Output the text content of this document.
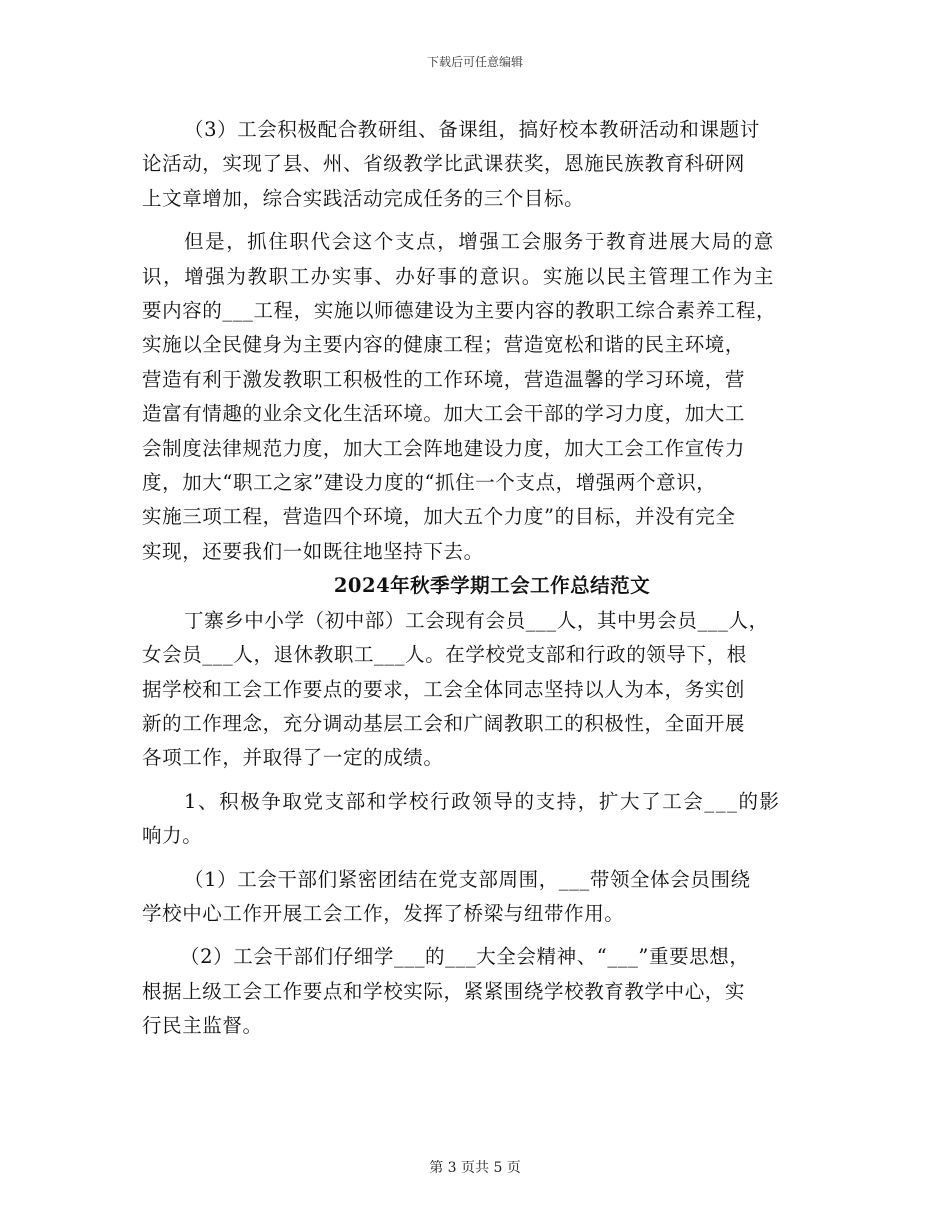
下载后可任意编辑
（3）工会积极配合教研组、备课组，搞好校本教研活动和课题讨
论活动，实现了县、州、省级教学比武课获奖，恩施民族教育科研网
上文章增加，综合实践活动完成任务的三个目标。
但是，抓住职代会这个支点，增强工会服务于教育进展大局的意
识，增强为教职工办实事、办好事的意识。实施以民主管理工作为主
要内容的___工程，实施以师德建设为主要内容的教职工综合素养工程，
实施以全民健身为主要内容的健康工程；营造宽松和谐的民主环境，
营造有利于激发教职工积极性的工作环境，营造温馨的学习环境，营
造富有情趣的业余文化生活环境。加大工会干部的学习力度，加大工
会制度法律规范力度，加大工会阵地建设力度，加大工会工作宣传力
度，加大“职工之家”建设力度的“抓住一个支点，增强两个意识，
实施三项工程，营造四个环境，加大五个力度”的目标，并没有完全
实现，还要我们一如既往地坚持下去。
2024年秋季学期工会工作总结范文
丁寨乡中小学（初中部）工会现有会员___人，其中男会员___人，
女会员___人，退休教职工___人。在学校党支部和行政的领导下，根
据学校和工会工作要点的要求，工会全体同志坚持以人为本，务实创
新的工作理念，充分调动基层工会和广阔教职工的积极性，全面开展
各项工作，并取得了一定的成绩。
1、积极争取党支部和学校行政领导的支持，扩大了工会___的影
响力。
（1）工会干部们紧密团结在党支部周围，___带领全体会员围绕
学校中心工作开展工会工作，发挥了桥梁与纽带作用。
（2）工会干部们仔细学___的___大全会精神、“___”重要思想，
根据上级工会工作要点和学校实际，紧紧围绕学校教育教学中心，实
行民主监督。
第 3 页共 5 页
